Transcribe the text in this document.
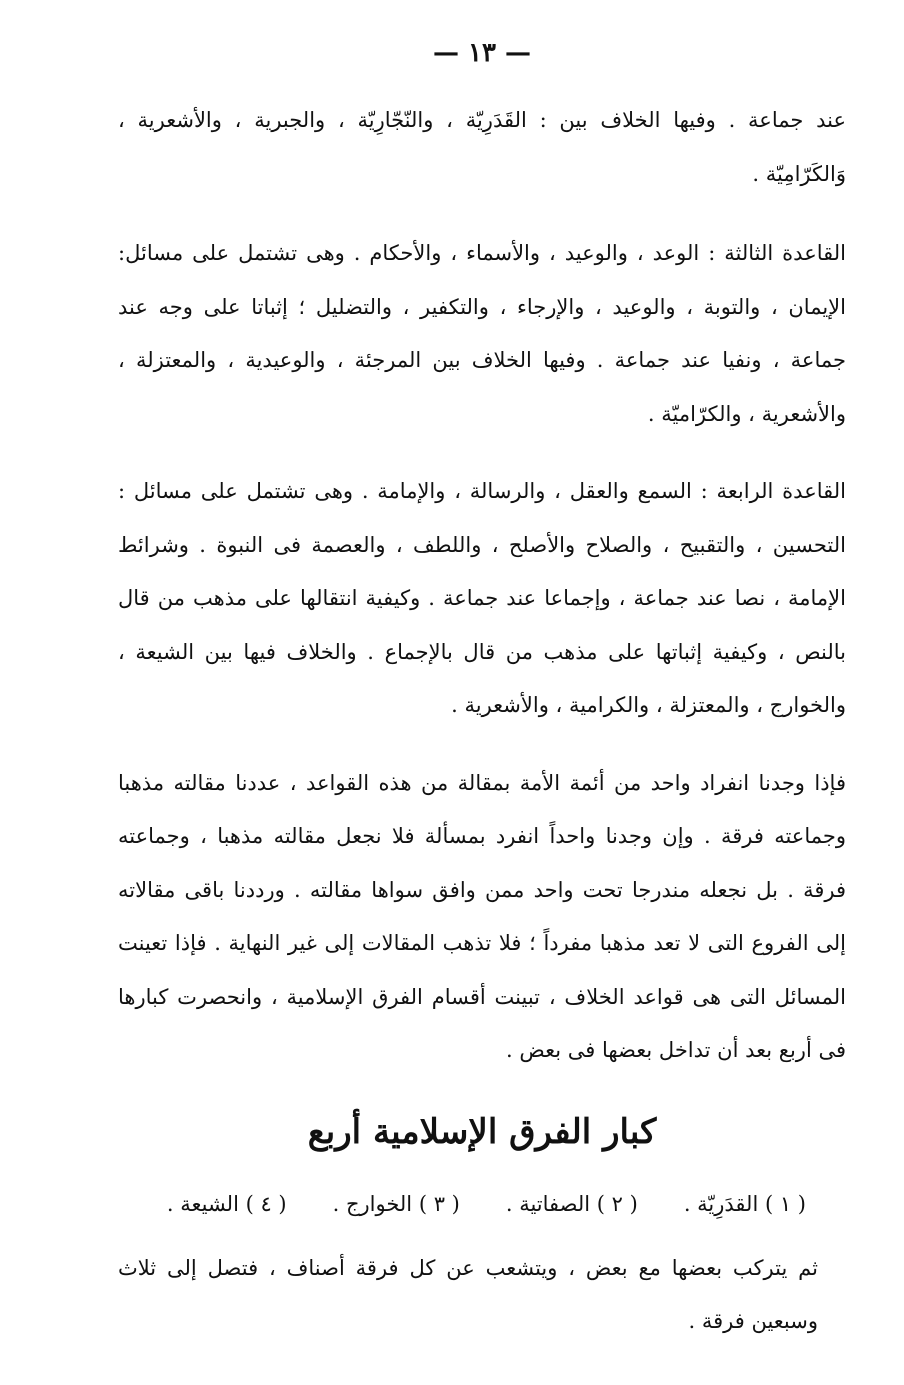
— ١٣ —

عند جماعة . وفيها الخلاف بين : القَدَرِيّة ، والنّجّارِيّة ، والجبرية ، والأشعرية ، وَالكَرّامِيّة .

القاعدة الثالثة : الوعد ، والوعيد ، والأسماء ، والأحكام . وهى تشتمل على مسائل: الإيمان ، والتوبة ، والوعيد ، والإرجاء ، والتكفير ، والتضليل ؛ إثباتا على وجه عند جماعة ، ونفيا عند جماعة . وفيها الخلاف بين المرجئة ، والوعيدية ، والمعتزلة ، والأشعرية ، والكرّاميّة .

القاعدة الرابعة : السمع والعقل ، والرسالة ، والإمامة . وهى تشتمل على مسائل : التحسين ، والتقبيح ، والصلاح والأصلح ، واللطف ، والعصمة فى النبوة . وشرائط الإمامة ، نصا عند جماعة ، وإجماعا عند جماعة . وكيفية انتقالها على مذهب من قال بالنص ، وكيفية إثباتها على مذهب من قال بالإجماع . والخلاف فيها بين الشيعة ، والخوارج ، والمعتزلة ، والكرامية ، والأشعرية .

فإذا وجدنا انفراد واحد من أئمة الأمة بمقالة من هذه القواعد ، عددنا مقالته مذهبا وجماعته فرقة . وإن وجدنا واحداً انفرد بمسألة فلا نجعل مقالته مذهبا ، وجماعته فرقة . بل نجعله مندرجا تحت واحد ممن وافق سواها مقالته . ورددنا باقى مقالاته إلى الفروع التى لا تعد مذهبا مفرداً ؛ فلا تذهب المقالات إلى غير النهاية . فإذا تعينت المسائل التى هى قواعد الخلاف ، تبينت أقسام الفرق الإسلامية ، وانحصرت كبارها فى أربع بعد أن تداخل بعضها فى بعض .

كبار الفرق الإسلامية أربع
( ١ ) القدَرِيّة .
( ٢ ) الصفاتية .
( ٣ ) الخوارج .
( ٤ ) الشيعة .

ثم يتركب بعضها مع بعض ، ويتشعب عن كل فرقة أصناف ، فتصل إلى ثلاث وسبعين فرقة .
